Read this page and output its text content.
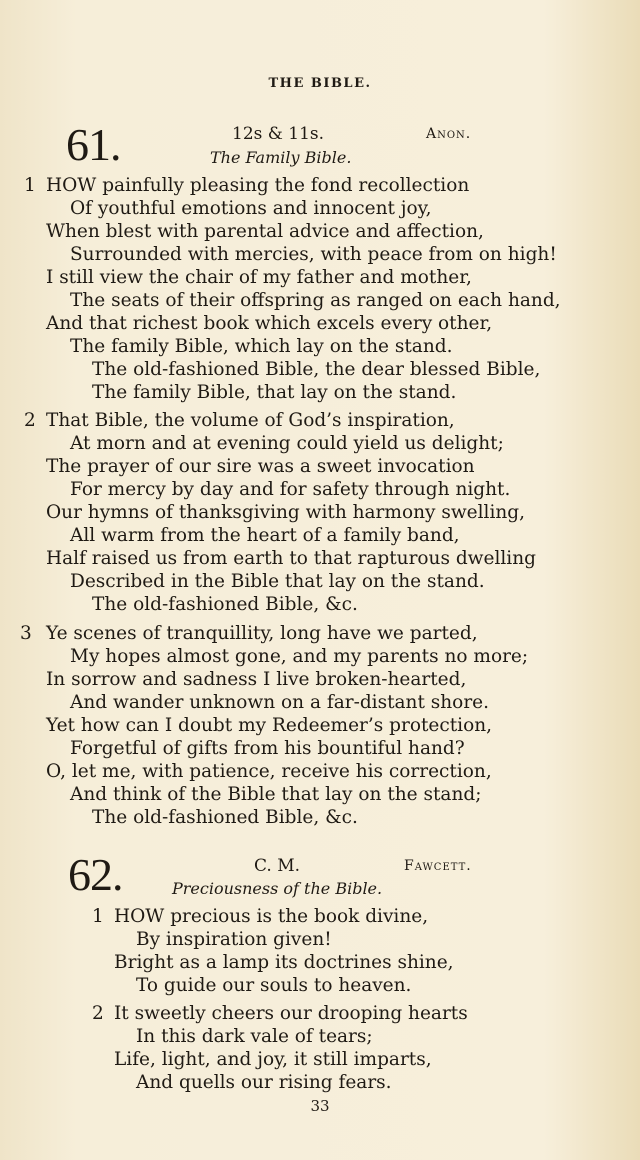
THE BIBLE.
61.	12s & 11s.	Anon.
The Family Bible.
1 HOW painfully pleasing the fond recollection
Of youthful emotions and innocent joy,
When blest with parental advice and affection,
Surrounded with mercies, with peace from on high!
I still view the chair of my father and mother,
The seats of their offspring as ranged on each hand,
And that richest book which excels every other,
The family Bible, which lay on the stand.
The old-fashioned Bible, the dear blessed Bible,
The family Bible, that lay on the stand.
2 That Bible, the volume of God’s inspiration,
At morn and at evening could yield us delight;
The prayer of our sire was a sweet invocation
For mercy by day and for safety through night.
Our hymns of thanksgiving with harmony swelling,
All warm from the heart of a family band,
Half raised us from earth to that rapturous dwelling
Described in the Bible that lay on the stand.
The old-fashioned Bible, &c.
3 Ye scenes of tranquillity, long have we parted,
My hopes almost gone, and my parents no more;
In sorrow and sadness I live broken-hearted,
And wander unknown on a far-distant shore.
Yet how can I doubt my Redeemer’s protection,
Forgetful of gifts from his bountiful hand?
O, let me, with patience, receive his correction,
And think of the Bible that lay on the stand;
The old-fashioned Bible, &c.
62.	C. M.	Fawcett.
Preciousness of the Bible.
1 HOW precious is the book divine,
By inspiration given!
Bright as a lamp its doctrines shine,
To guide our souls to heaven.
2 It sweetly cheers our drooping hearts
In this dark vale of tears;
Life, light, and joy, it still imparts,
And quells our rising fears.
33
